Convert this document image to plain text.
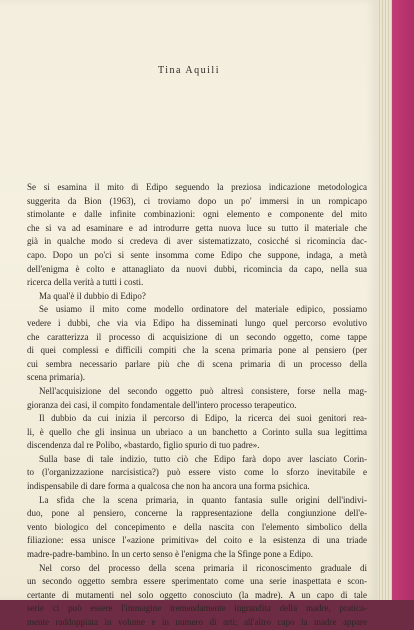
Tina Aquili
Se si esamina il mito di Edipo seguendo la preziosa indicazione metodologica
suggerita da Bion (1963), ci troviamo dopo un po' immersi in un rompicapo
stimolante e dalle infinite combinazioni: ogni elemento e componente del mito
che si va ad esaminare e ad introdurre getta nuova luce su tutto il materiale che
già in qualche modo si credeva di aver sistematizzato, cosicché si ricomincia dac-
capo. Dopo un po'ci si sente insomma come Edipo che suppone, indaga, a metà
dell'enigma è colto e attanagliato da nuovi dubbi, ricomincia da capo, nella sua
ricerca della verità a tutti i costi.
Ma qual'è il dubbio di Edipo?
Se usiamo il mito come modello ordinatore del materiale edipico, possiamo
vedere i dubbi, che via via Edipo ha disseminati lungo quel percorso evolutivo
che caratterizza il processo di acquisizione di un secondo oggetto, come tappe
di quei complessi e difficili compiti che la scena primaria pone al pensiero (per
cui sembra necessario parlare più che di scena primaria di un processo della
scena primaria).
Nell'acquisizione del secondo oggetto può altresì consistere, forse nella mag-
gioranza dei casi, il compito fondamentale dell'intero processo terapeutico.
Il dubbio da cui inizia il percorso di Edipo, la ricerca dei suoi genitori rea-
li, è quello che gli insinua un ubriaco a un banchetto a Corinto sulla sua legittima
discendenza dal re Polibo, «bastardo, figlio spurio di tuo padre».
Sulla base di tale indizio, tutto ciò che Edipo farà dopo aver lasciato Corin-
to (l'organizzazione narcisistica?) può essere visto come lo sforzo inevitabile e
indispensabile di dare forma a qualcosa che non ha ancora una forma psichica.
La sfida che la scena primaria, in quanto fantasia sulle origini dell'indivi-
duo, pone al pensiero, concerne la rappresentazione della congiunzione dell'e-
vento biologico del concepimento e della nascita con l'elemento simbolico della
filiazione: essa unisce l'«azione primitiva» del coito e la esistenza di una triade
madre-padre-bambino. In un certo senso è l'enigma che la Sfinge pone a Edipo.
Nel corso del processo della scena primaria il riconoscimento graduale di
un secondo oggetto sembra essere sperimentato come una serie inaspettata e scon-
certante di mutamenti nel solo oggetto conosciuto (la madre). A un capo di tale
serie ci può essere l'immagine tremendamente ingrandita della madre, pratica-
mente raddoppiata in volume e in numero di arti; all'altro capo la madre appare
